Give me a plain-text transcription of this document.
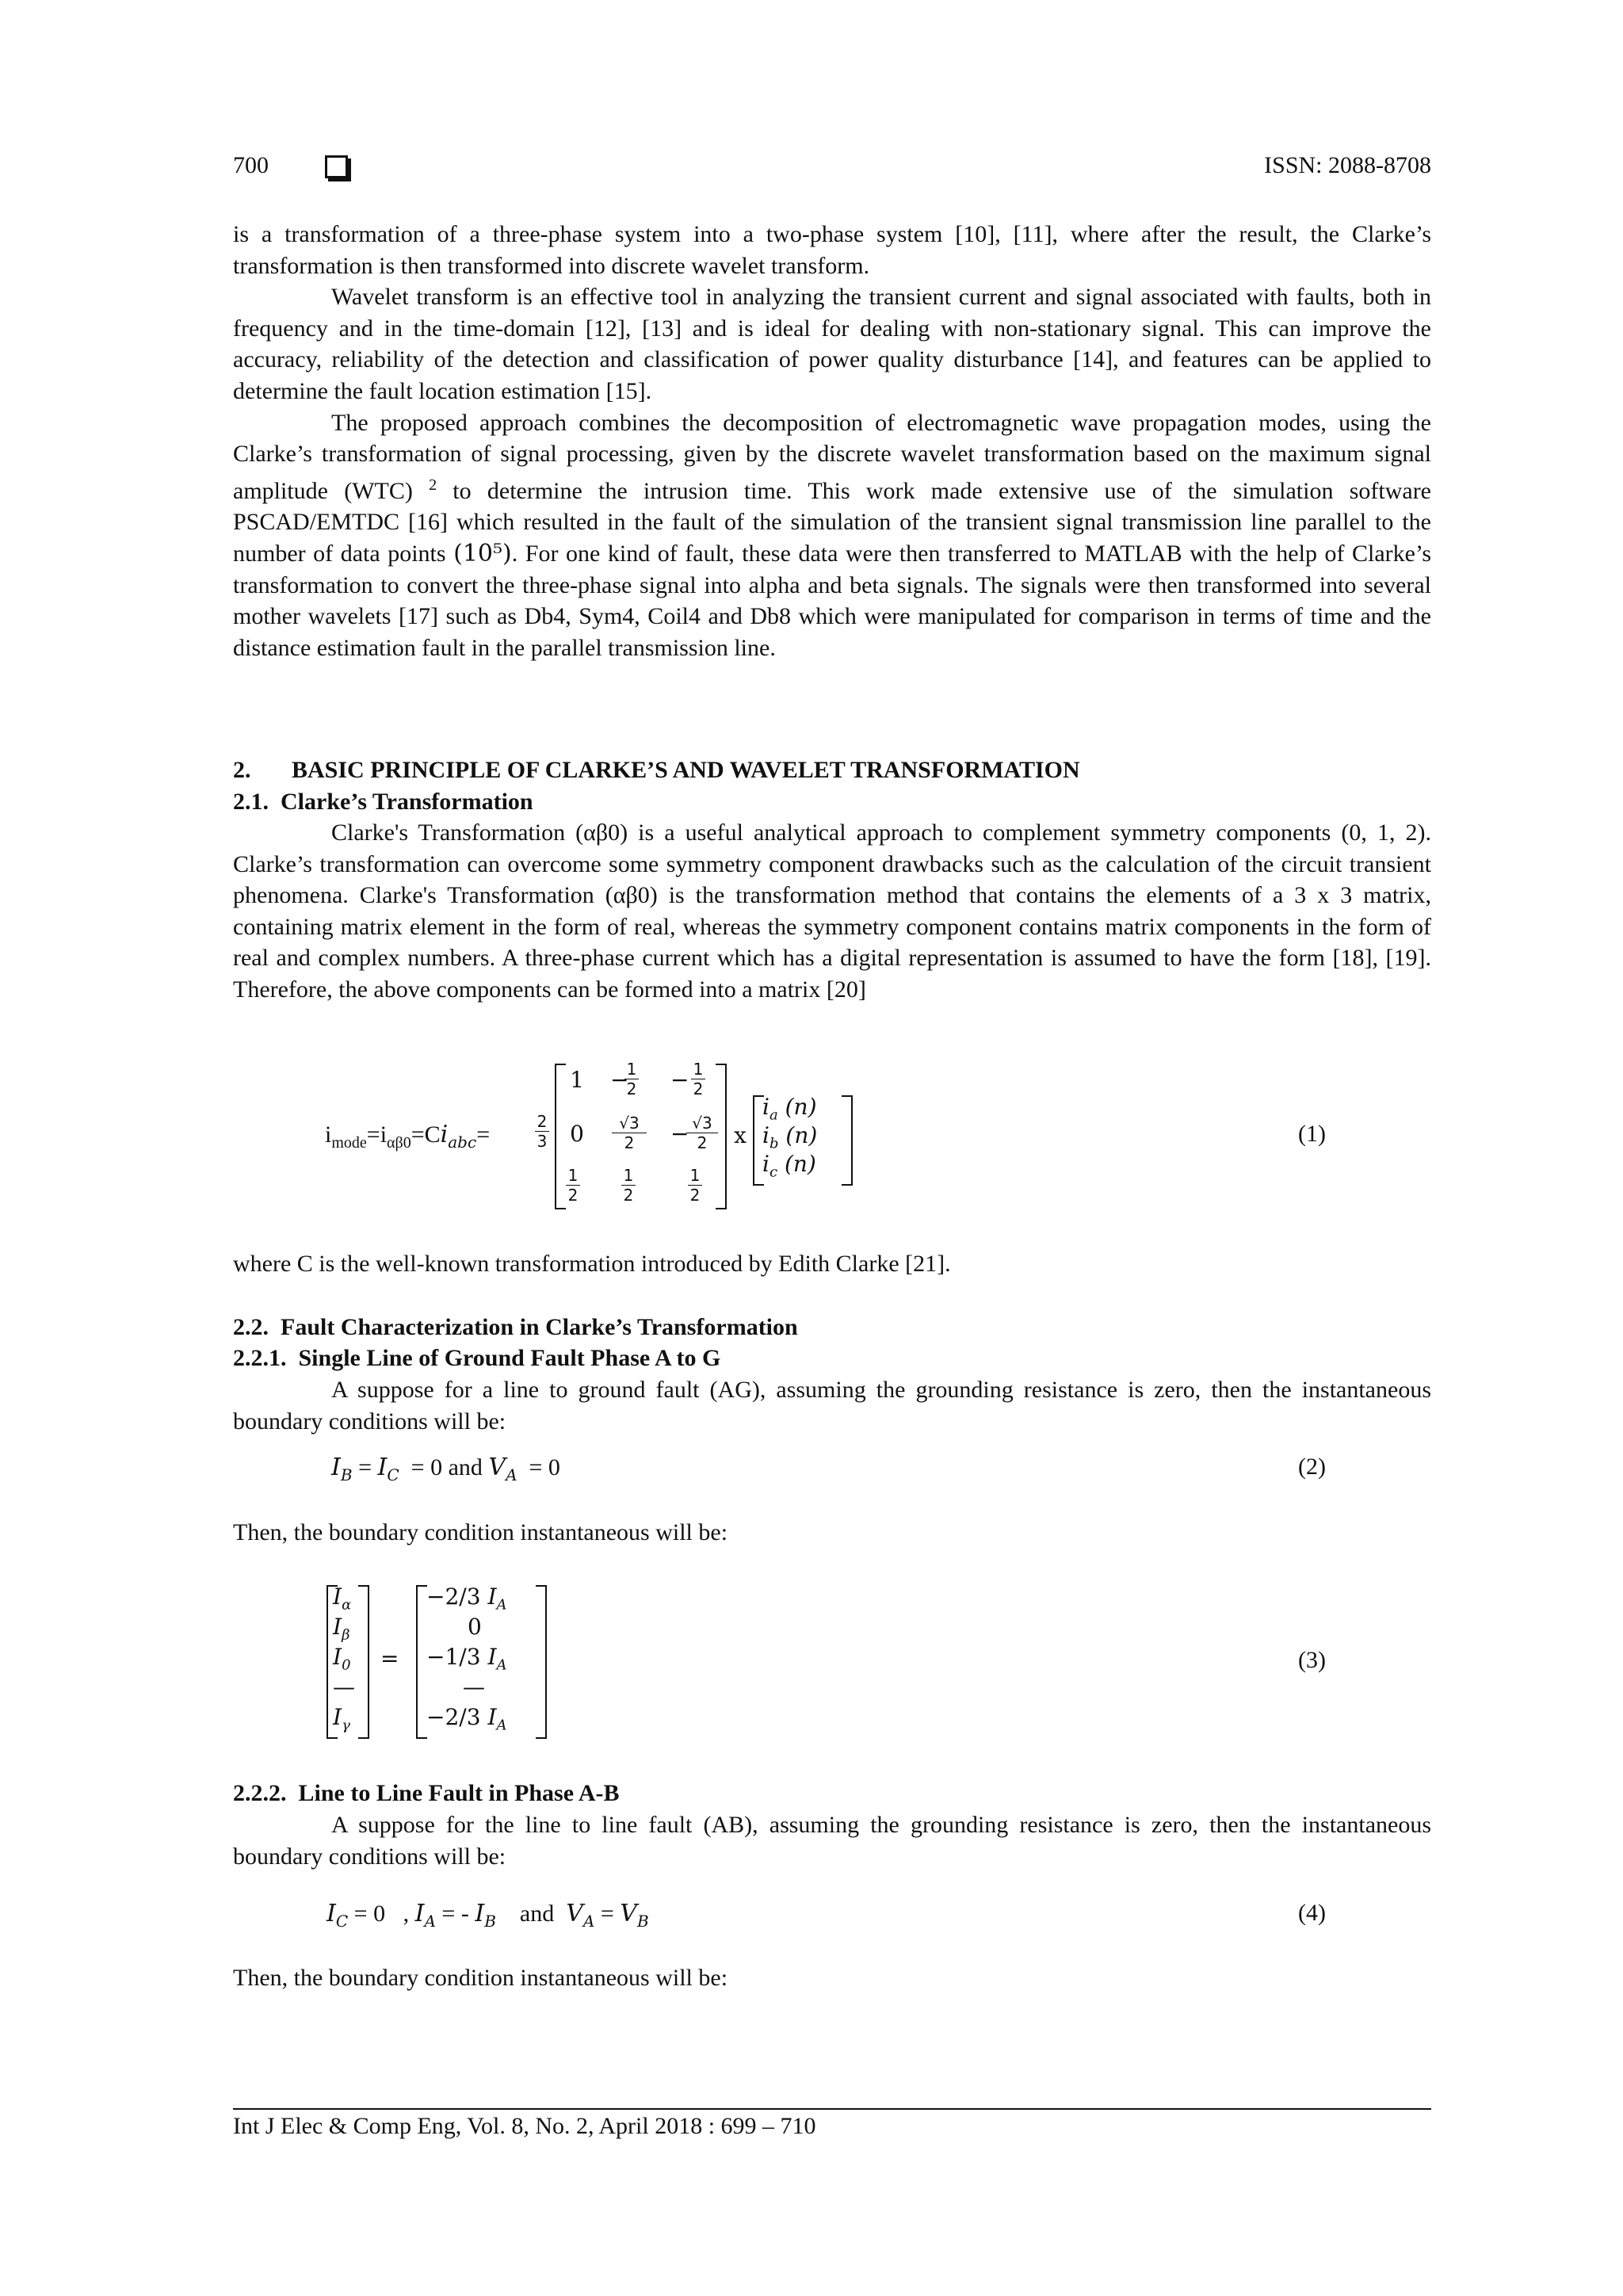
700	ISSN: 2088-8708

is a transformation of a three-phase system into a two-phase system [10], [11], where after the result, the Clarke’s transformation is then transformed into discrete wavelet transform.

Wavelet transform is an effective tool in analyzing the transient current and signal associated with faults, both in frequency and in the time-domain [12], [13] and is ideal for dealing with non-stationary signal. This can improve the accuracy, reliability of the detection and classification of power quality disturbance [14], and features can be applied to determine the fault location estimation [15].

The proposed approach combines the decomposition of electromagnetic wave propagation modes, using the Clarke’s transformation of signal processing, given by the discrete wavelet transformation based on the maximum signal amplitude (WTC) $^2$ to determine the intrusion time. This work made extensive use of the simulation software PSCAD/EMTDC [16] which resulted in the fault of the simulation of the transient signal transmission line parallel to the number of data points (10⁵). For one kind of fault, these data were then transferred to MATLAB with the help of Clarke’s transformation to convert the three-phase signal into alpha and beta signals. The signals were then transformed into several mother wavelets [17] such as Db4, Sym4, Coil4 and Db8 which were manipulated for comparison in terms of time and the distance estimation fault in the parallel transmission line.

2. BASIC PRINCIPLE OF CLARKE’S AND WAVELET TRANSFORMATION
2.1. Clarke’s Transformation

Clarke's Transformation (αβ0) is a useful analytical approach to complement symmetry components (0, 1, 2). Clarke’s transformation can overcome some symmetry component drawbacks such as the calculation of the circuit transient phenomena. Clarke's Transformation (αβ0) is the transformation method that contains the elements of a 3 x 3 matrix, containing matrix element in the form of real, whereas the symmetry component contains matrix components in the form of real and complex numbers. A three-phase current which has a digital representation is assumed to have the form [18], [19]. Therefore, the above components can be formed into a matrix [20]

$i_{mode}=i_{\alpha\beta 0}=Ci_{abc}=$	2
3
1 −
1
2 − 1
2
0	√3
2	− √3
2
1
2
1
2
1
2
x
$i_a$ (n)
$i_b$ (n)
$i_c$ (n)
(1)

where C is the well-known transformation introduced by Edith Clarke [21].

2.2. Fault Characterization in Clarke’s Transformation
2.2.1. Single Line of Ground Fault Phase A to G

A suppose for a line to ground fault (AG), assuming the grounding resistance is zero, then the instantaneous boundary conditions will be:

$I_B = I_C = 0$ and $V_A = 0$	(2)

Then, the boundary condition instantaneous will be:

$I_\alpha$
$I_\beta$
$I_0$
—
$I_\gamma$
=
−2/3 $I_A$
0
−1/3 $I_A$
—
−2/3 $I_A$
(3)
2.2.2. Line to Line Fault in Phase A-B

A suppose for the line to line fault (AB), assuming the grounding resistance is zero, then the instantaneous boundary conditions will be:

$I_C = 0$   , $I_A$ = - $I_B$    and  $V_A = V_B$	(4)

Then, the boundary condition instantaneous will be:

Int J Elec & Comp Eng, Vol. 8, No. 2, April 2018 : 699 – 710
